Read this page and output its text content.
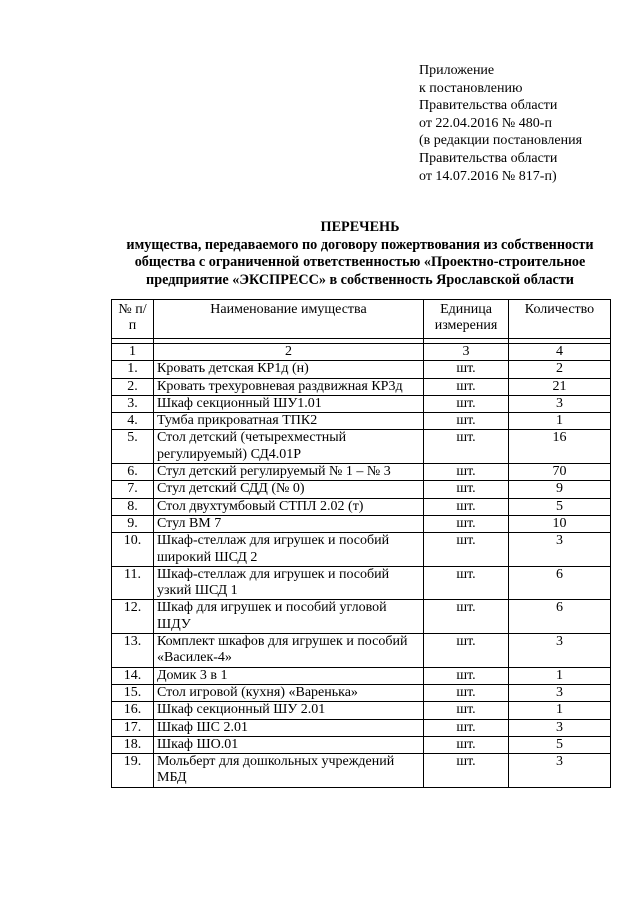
Приложение
к постановлению
Правительства области
от 22.04.2016 № 480-п
(в редакции постановления
Правительства области
от 14.07.2016 № 817-п)
ПЕРЕЧЕНЬ
имущества, передаваемого по договору пожертвования из собственности
общества с ограниченной ответственностью «Проектно-строительное
предприятие «ЭКСПРЕСС» в собственность Ярославской области
№ п/п	Наименование имущества	Единица измерения	Количество

1	2	3	4
1.	Кровать детская КР1д (н)	шт.	2
2.	Кровать трехуровневая раздвижная КР3д	шт.	21
3.	Шкаф секционный ШУ1.01	шт.	3
4.	Тумба прикроватная ТПК2	шт.	1
5.	Стол детский (четырехместный регулируемый) СД4.01Р	шт.	16
6.	Стул детский регулируемый № 1 – № 3	шт.	70
7.	Стул детский СДД (№ 0)	шт.	9
8.	Стол двухтумбовый СТПЛ 2.02 (т)	шт.	5
9.	Стул ВМ 7	шт.	10
10.	Шкаф-стеллаж для игрушек и пособий широкий ШСД 2	шт.	3
11.	Шкаф-стеллаж для игрушек и пособий узкий ШСД 1	шт.	6
12.	Шкаф для игрушек и пособий угловой ШДУ	шт.	6
13.	Комплект шкафов для игрушек и пособий «Василек-4»	шт.	3
14.	Домик 3 в 1	шт.	1
15.	Стол игровой (кухня) «Варенька»	шт.	3
16.	Шкаф секционный ШУ 2.01	шт.	1
17.	Шкаф ШС 2.01	шт.	3
18.	Шкаф ШО.01	шт.	5
19.	Мольберт для дошкольных учреждений МБД	шт.	3
